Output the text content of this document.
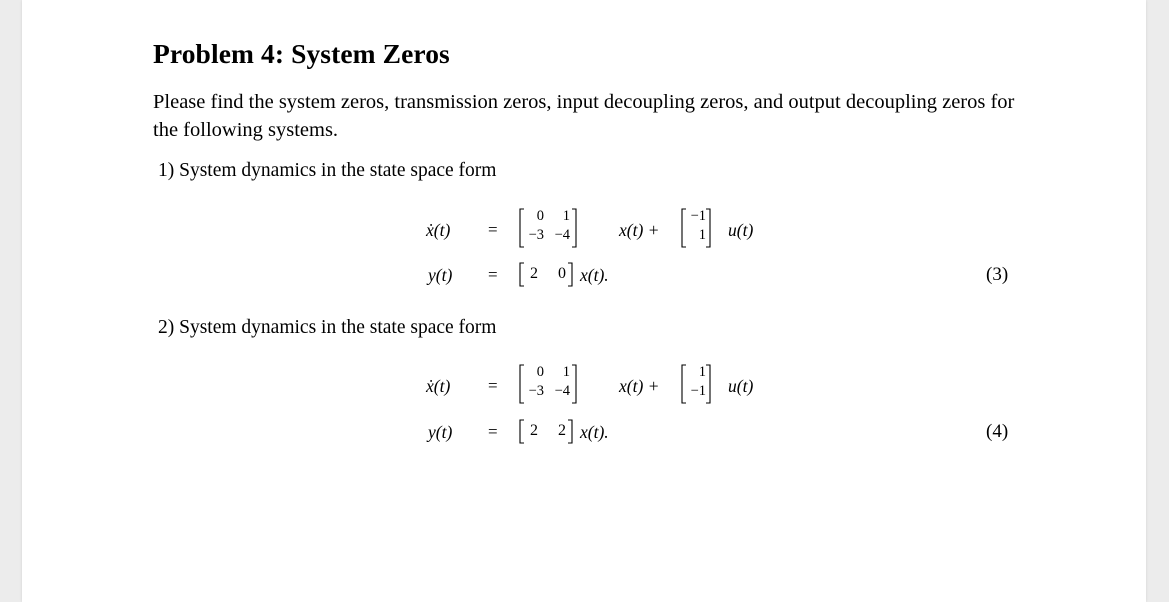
Problem 4: System Zeros
Please find the system zeros, transmission zeros, input decoupling zeros, and output decoupling zeros for the following systems.
1) System dynamics in the state space form
ẋ(t) =
0	1
−3 −4	x(t) +
−1
1 u(t)
y(t) =	2	0 x(t).	(3)
2) System dynamics in the state space form
ẋ(t) =
0	1
−3 −4	x(t) +
1
−1 u(t)
y(t) =	2	2 x(t).	(4)
